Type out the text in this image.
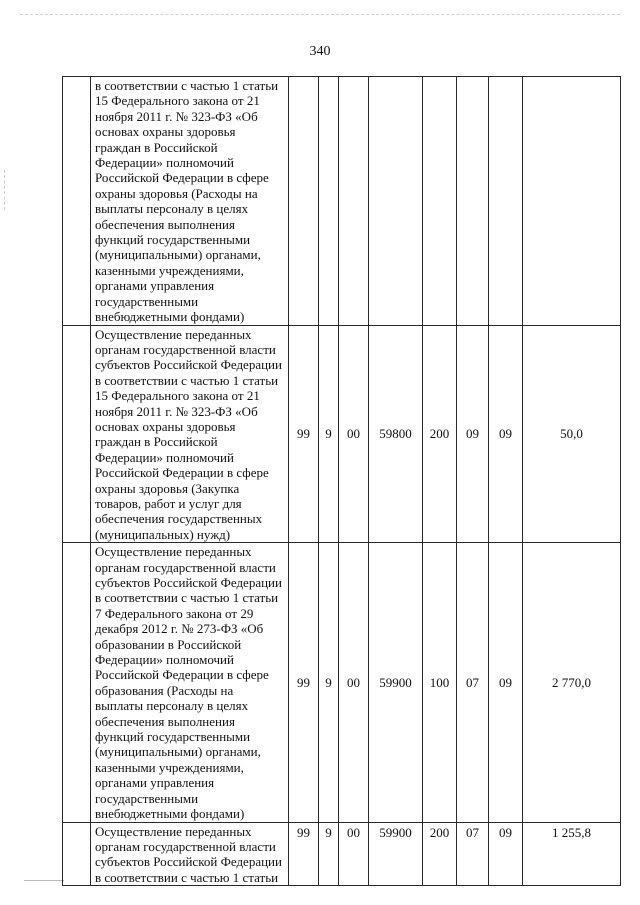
340
	в соответствии с частью 1 статьи 15 Федерального закона от 21 ноября 2011 г. № 323-ФЗ «Об основах охраны здоровья граждан в Российской Федерации» полномочий Российской Федерации в сфере охраны здоровья (Расходы на выплаты персоналу в целях обеспечения выполнения функций государственными (муниципальными) органами, казенными учреждениями, органами управления государственными внебюджетными фондами)								
	Осуществление переданных органам государственной власти субъектов Российской Федерации в соответствии с частью 1 статьи 15 Федерального закона от 21 ноября 2011 г. № 323-ФЗ «Об основах охраны здоровья граждан в Российской Федерации» полномочий Российской Федерации в сфере охраны здоровья (Закупка товаров, работ и услуг для обеспечения государственных (муниципальных) нужд)	99	9	00	59800	200	09	09	50,0
	Осуществление переданных органам государственной власти субъектов Российской Федерации в соответствии с частью 1 статьи 7 Федерального закона от 29 декабря 2012 г. № 273-ФЗ «Об образовании в Российской Федерации» полномочий Российской Федерации в сфере образования (Расходы на выплаты персоналу в целях обеспечения выполнения функций государственными (муниципальными) органами, казенными учреждениями, органами управления государственными внебюджетными фондами)	99	9	00	59900	100	07	09	2 770,0
	Осуществление переданных органам государственной власти субъектов Российской Федерации в соответствии с частью 1 статьи	99	9	00	59900	200	07	09	1 255,8
